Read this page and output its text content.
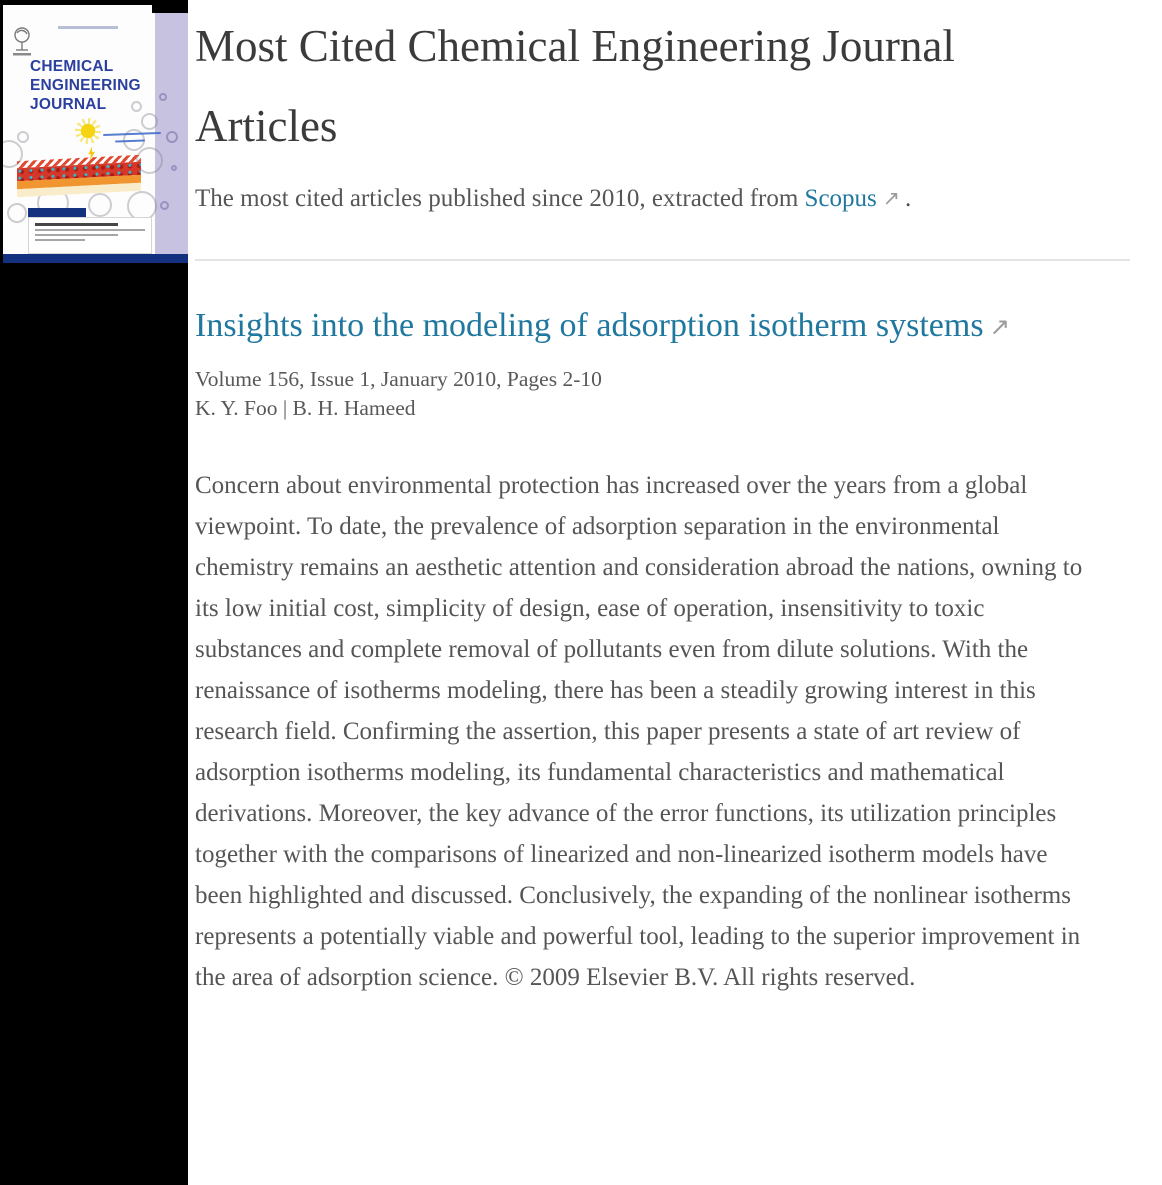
CHEMICAL
ENGINEERING
JOURNAL
Most Cited Chemical Engineering Journal Articles

The most cited articles published since 2010, extracted from Scopus ↗ .

Insights into the modeling of adsorption isotherm systems ↗

Volume 156, Issue 1, January 2010, Pages 2-10

K. Y. Foo | B. H. Hameed

Concern about environmental protection has increased over the years from a global viewpoint. To date, the prevalence of adsorption separation in the environmental chemistry remains an aesthetic attention and consideration abroad the nations, owning to its low initial cost, simplicity of design, ease of operation, insensitivity to toxic substances and complete removal of pollutants even from dilute solutions. With the renaissance of isotherms modeling, there has been a steadily growing interest in this research field. Confirming the assertion, this paper presents a state of art review of adsorption isotherms modeling, its fundamental characteristics and mathematical derivations. Moreover, the key advance of the error functions, its utilization principles together with the comparisons of linearized and non-linearized isotherm models have been highlighted and discussed. Conclusively, the expanding of the nonlinear isotherms represents a potentially viable and powerful tool, leading to the superior improvement in the area of adsorption science. © 2009 Elsevier B.V. All rights reserved.
